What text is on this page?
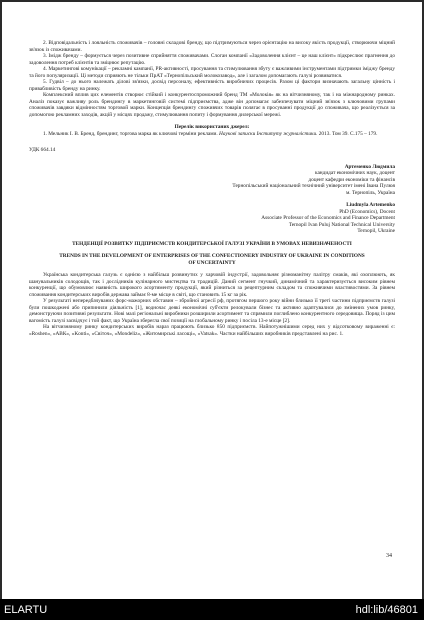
2. Вiдповiдальнiсть i лояльнiсть споживачiв – головнi складовi бренду, що пiдтримуються через орiєнтацiю на високу якiсть продукцiї, створюючи мiцний зв'язок iз споживачами.

3. Iмiдж бренду – формується через позитивне сприйняття споживачами. Слоган компанiї «Задоволення клiєнт – це наш клiєнт» пiдкреслює прагнення до задоволення потреб клiєнтiв та змiцнює репутацiю.

4. Маркетинговi комунiкацiї – рекламнi кампанiї, PR-активностi, просування та стимулювання збуту є важливими iнструментами пiдтримки iмiджу бренду та його популяризацiї. Цi методи сприяють не тiльки ПрАТ «Тернопiльський молокозавод», але i загалом допомагають галузi розвиватися.

5. Гудвiл – до нього належать дiловi зв'язки, досвiд персоналу, ефективнiсть виробничих процесiв. Разом цi фактори визначають загальну цiннiсть i привабливiсть бренду на ринку.

Комплексний вплив цих елементiв створює стiйкий i конкурентоспроможний бренд ТМ «Молокiя» як на вiтчизняному, так i на мiжнародному ринках. Аналiз показує важливу роль брендингу в маркетинговiй системi пiдприємства, адже вiн допомагає забезпечувати мiцний зв'язок з ключовими групами споживачiв завдяки вiдмiнностям торговой марки. Концепцiя брендингу споживчих товарiв полягає в просуваннi продукцiї до споживача, що реалiзується за допомогою рекламних заходiв, акцiй у мiсцях продажу, стимулювання попиту i формування дилерської мережi.

Перелiк використаних джерел:

1. Мельник I. В. Бренд, брендинг, торгова марка як ключовi термiни реклами. Науковi записки Iнституту журналiстики. 2013. Том 39. С.175 – 179.

УДК 664.14

Артеменко Людмила

кандидат економiчних наук, доцент

доцент кафедри економiки та фiнансiв

Тернопiльський нацiональний технiчний унiверситет iменi Iвана Пулюя

м. Тернопiль, Україна

Liudmyla Artemenko

PhD (Economics), Docent

Associate Professor of the Economics and Finance Department

Ternopil Ivan Puluj National Technical University

Ternopil, Ukraine

ТЕНДЕНЦIЇ РОЗВИТКУ ПIДПРИЄМСТВ КОНДИТЕРСЬКОЇ ГАЛУЗI УКРАЇНИ В УМОВАХ НЕВИЗНАЧЕНОСТI

TRENDS IN THE DEVELOPMENT OF ENTERPRISES OF THE CONFECTIONERY INDUSTRY OF UKRAINE IN CONDITIONS OF UNCERTAINTY

Українська кондитерська галузь є однiєю з найбiльш розвинутих у харчовiй iндустрiї, задовольняє рiзноманiтну палiтру смакiв, якi охоплюють, як шанувальникiв солодощiв, так i дослiдникiв кулiнарного мистецтва та традицiй. Даний сегмент гнучкий, динамiчний та характеризується високим рiвнем конкуренцiї, що обумовлює наявнiсть широкого асортименту продукцiї, який рiзниться за рецептурним складом та споживчими властивостями. За рiвнем споживання кондитерських виробiв держава займає 8-ме мiсце в свiтi, що становить 15 кг за рiк.

У результатi непередбачуваних форс-мажорних обставин – збройної агресiї рф, протягом першого року вiйни близько її третi частини пiдприємств галузi були пошкодженi або припинили дiяльнiсть [1], водночас деякi економiчнi суб'єкти релокували бiзнес та активно адаптувалися до змiнених умов ринку, демонструючи позитивнi результати. Новi малi регiональнi виробники розширили асортимент та спрямили поглиблено конкурентного середовища. Поряд iз цим вагомiсть галузi засвiдчує i той факт, що Україна зберегла свої позицiї на глобальному ринку i посiла 13-е мiсце [2].

На вiтчизняному ринку кондитерських виробiв нараз працюють близько 850 пiдприємств. Найпотужнiшими серед них у вiдсотковому вираженнi є: «Roshen», «АВК», «Konti», «Свiточ», «Mondeliz», «Житомирськi ласощi», «Vatsak». Частки найбiльших виробникiв представленi на рис. 1.

34
ELARTU	hdl:lib/46801
